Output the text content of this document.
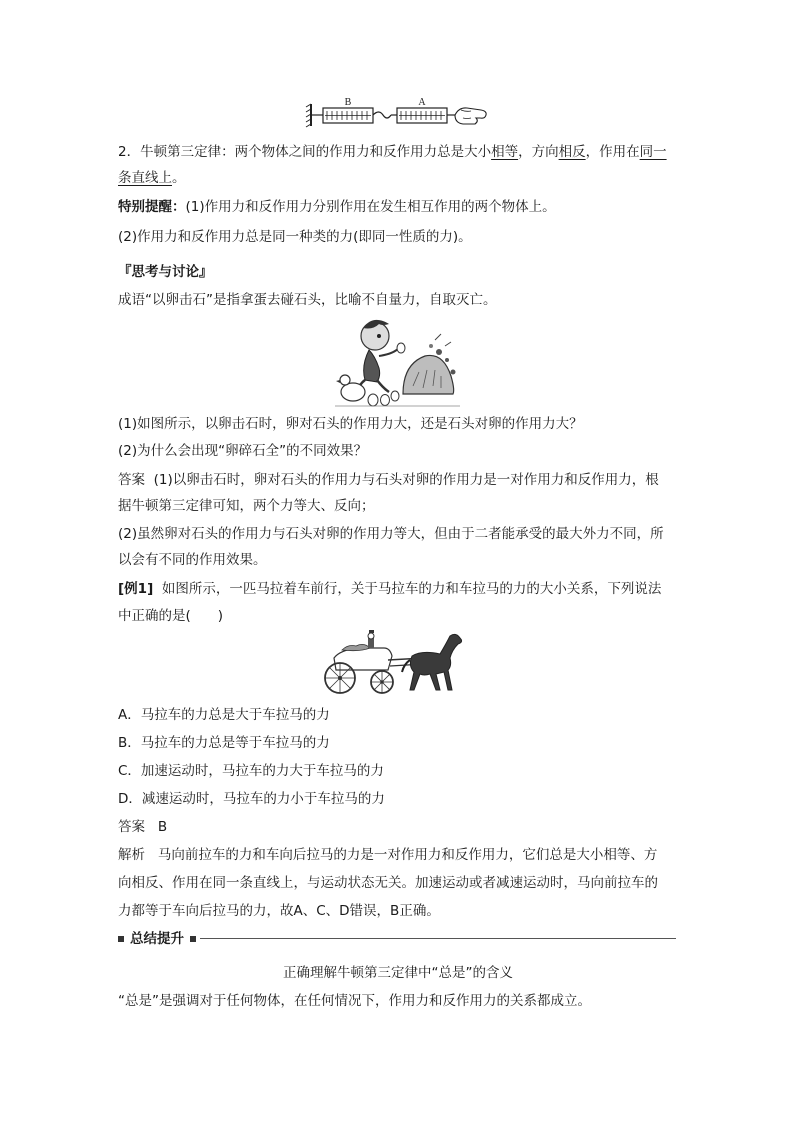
B	A
2．牛顿第三定律：两个物体之间的作用力和反作用力总是大小相等，方向相反，作用在同一
条直线上。
特别提醒：(1)作用力和反作用力分别作用在发生相互作用的两个物体上。
(2)作用力和反作用力总是同一种类的力(即同一性质的力)。
『思考与讨论』
成语“以卵击石”是指拿蛋去碰石头，比喻不自量力，自取灭亡。
(1)如图所示，以卵击石时，卵对石头的作用力大，还是石头对卵的作用力大？
(2)为什么会出现“卵碎石全”的不同效果？
答案 (1)以卵击石时，卵对石头的作用力与石头对卵的作用力是一对作用力和反作用力，根
据牛顿第三定律可知，两个力等大、反向；
(2)虽然卵对石头的作用力与石头对卵的作用力等大，但由于二者能承受的最大外力不同，所
以会有不同的作用效果。
[例1] 如图所示，一匹马拉着车前行，关于马拉车的力和车拉马的力的大小关系，下列说法
中正确的是(　　)
A．马拉车的力总是大于车拉马的力
B．马拉车的力总是等于车拉马的力
C．加速运动时，马拉车的力大于车拉马的力
D．减速运动时，马拉车的力小于车拉马的力
答案 B
解析 马向前拉车的力和车向后拉马的力是一对作用力和反作用力，它们总是大小相等、方
向相反、作用在同一条直线上，与运动状态无关。加速运动或者减速运动时，马向前拉车的
力都等于车向后拉马的力，故A、C、D错误，B正确。
总结提升
正确理解牛顿第三定律中“总是”的含义
“总是”是强调对于任何物体，在任何情况下，作用力和反作用力的关系都成立。
